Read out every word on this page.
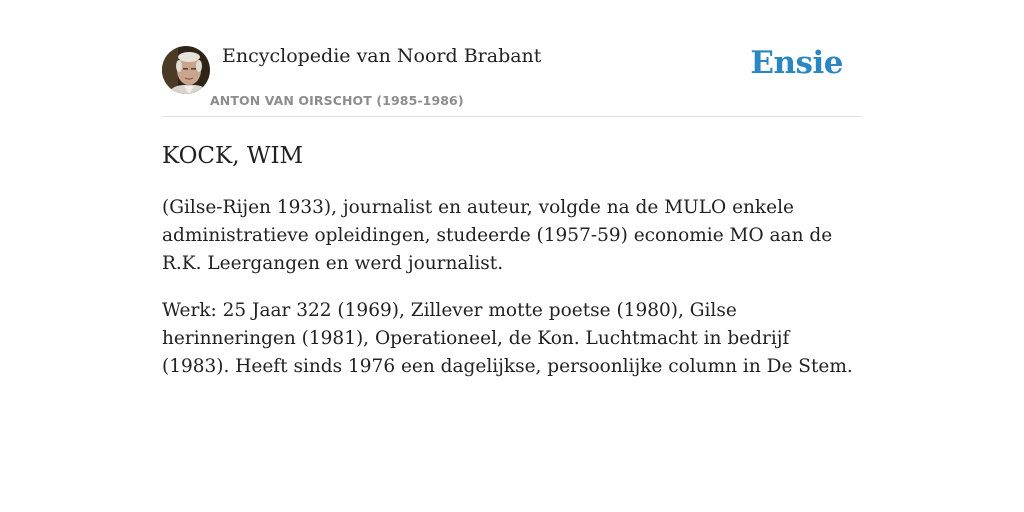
Encyclopedie van Noord Brabant
ANTON VAN OIRSCHOT (1985-1986)
Ensie
KOCK, WIM

(Gilse-Rijen 1933), journalist en auteur, volgde na de MULO enkele administratieve opleidingen, studeerde (1957-59) economie MO aan de R.K. Leergangen en werd journalist.

Werk: 25 Jaar 322 (1969), Zillever motte poetse (1980), Gilse herinneringen (1981), Operationeel, de Kon. Luchtmacht in bedrijf (1983). Heeft sinds 1976 een dagelijkse, persoonlijke column in De Stem.
